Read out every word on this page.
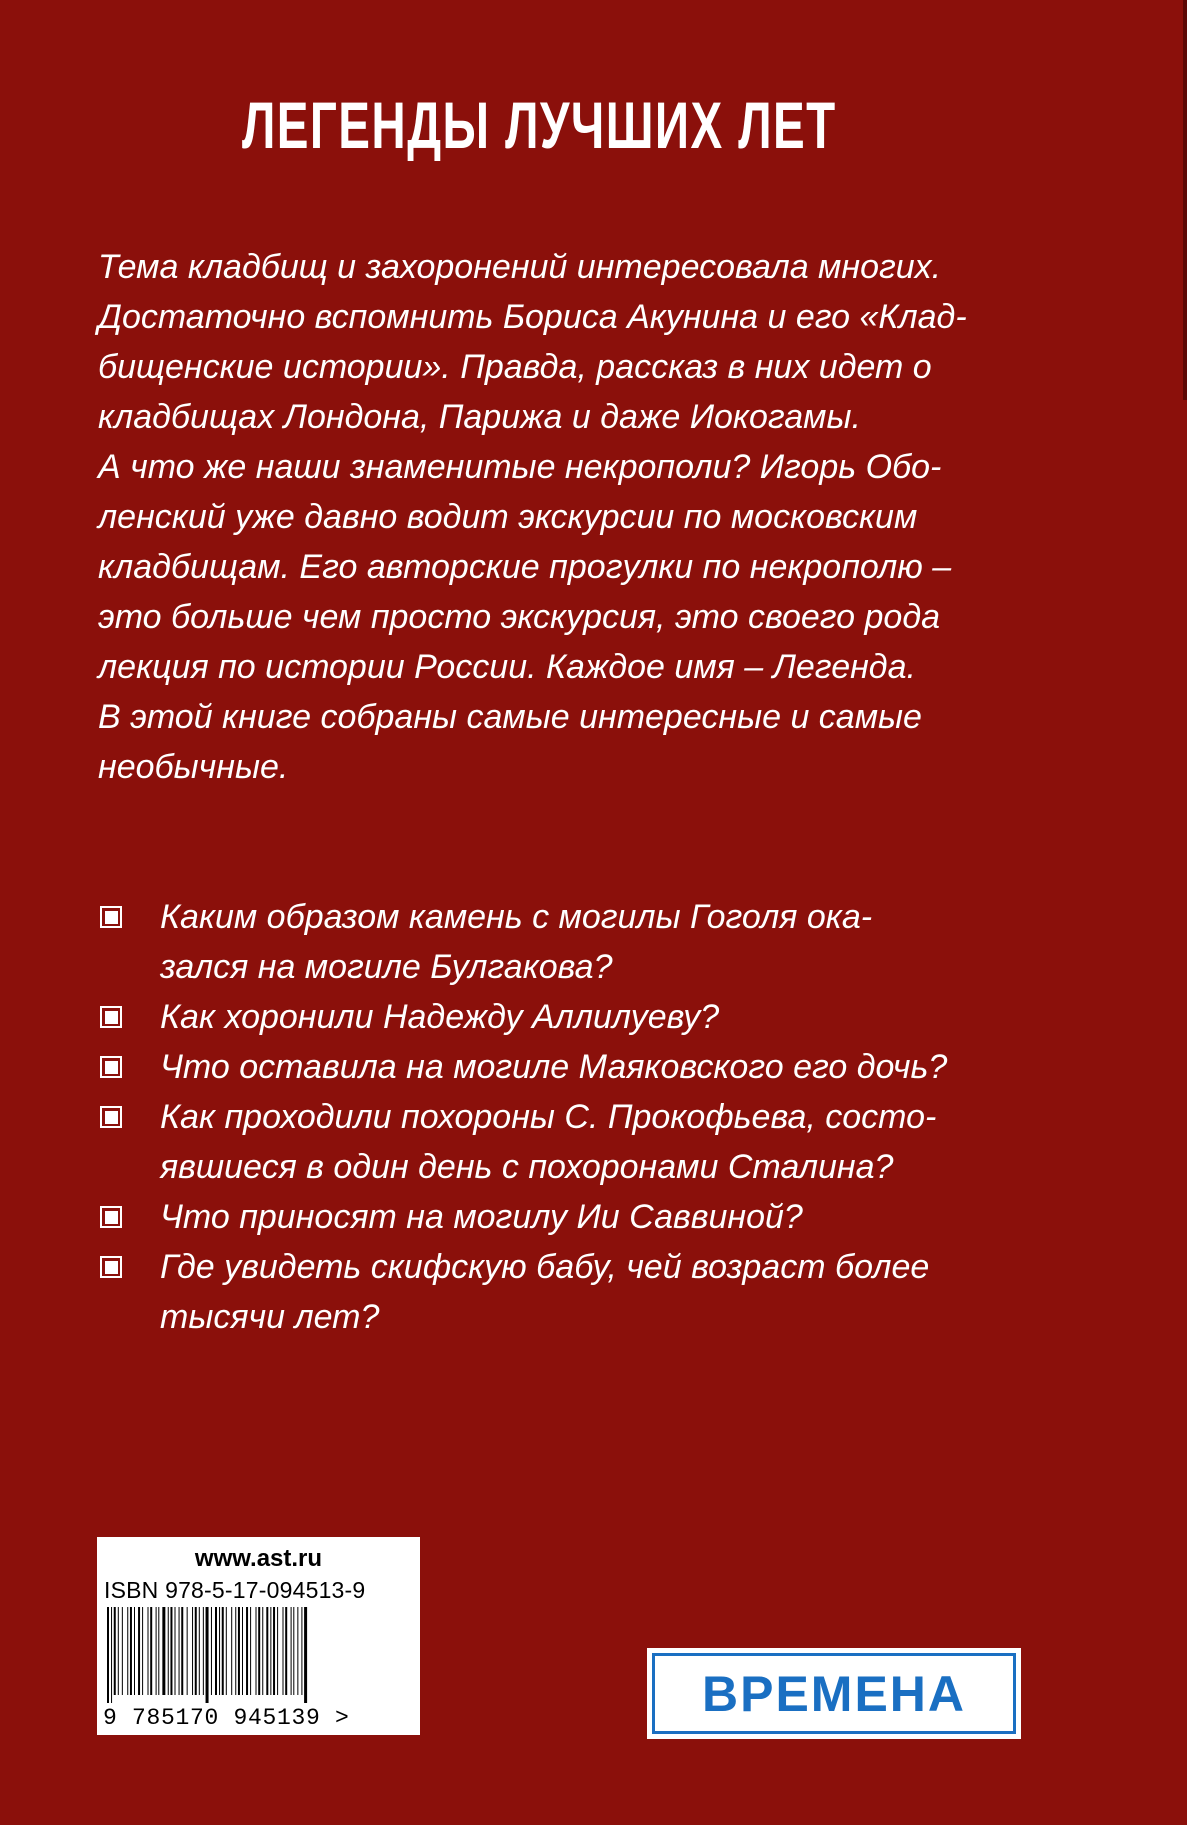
ЛЕГЕНДЫ ЛУЧШИХ ЛЕТ
Тема кладбищ и захоронений интересовала многих.
Достаточно вспомнить Бориса Акунина и его «Клад-
бищенские истории». Правда, рассказ в них идет о
кладбищах Лондона, Парижа и даже Иокогамы.
А что же наши знаменитые некрополи? Игорь Обо-
ленский уже давно водит экскурсии по московским
кладбищам. Его авторские прогулки по некрополю –
это больше чем просто экскурсия, это своего рода
лекция по истории России. Каждое имя – Легенда.
В этой книге собраны самые интересные и самые
необычные.
Каким образом камень с могилы Гоголя ока-
зался на могиле Булгакова?
Как хоронили Надежду Аллилуеву?
Что оставила на могиле Маяковского его дочь?
Как проходили похороны С. Прокофьева, состо-
явшиеся в один день с похоронами Сталина?
Что приносят на могилу Ии Саввиной?
Где увидеть скифскую бабу, чей возраст более
тысячи лет?
www.ast.ru
ISBN 978-5-17-094513-9
9 785170 945139 >	ВРЕМЕНА
